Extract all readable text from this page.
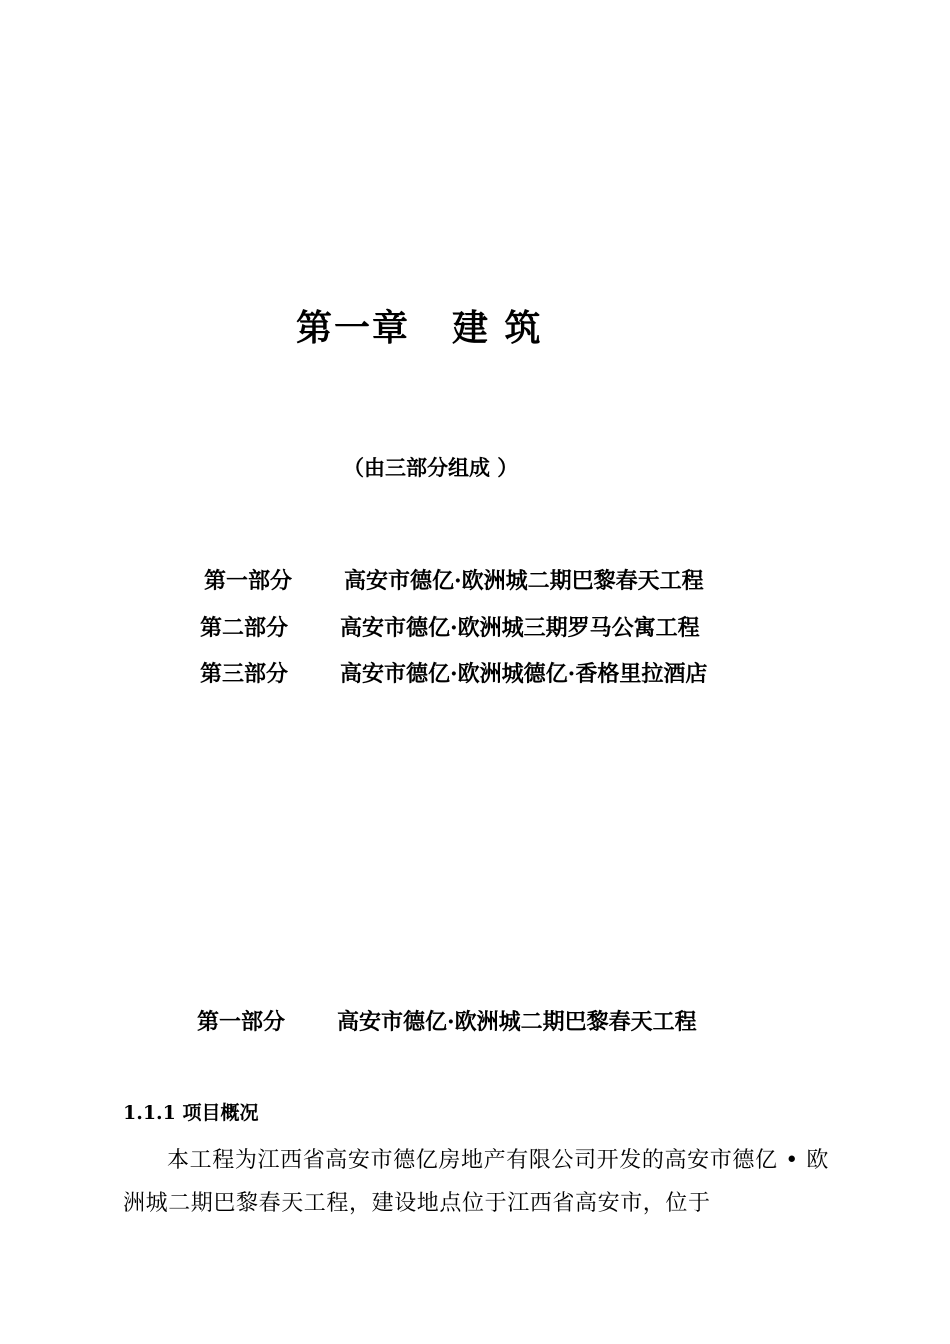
第一章 建 筑
（由三部分组成 ）
第一部分 高安市德亿·欧洲城二期巴黎春天工程
第二部分 高安市德亿·欧洲城三期罗马公寓工程
第三部分 高安市德亿·欧洲城德亿·香格里拉酒店
第一部分 高安市德亿·欧洲城二期巴黎春天工程
1.1.1 项目概况

本工程为江西省高安市德亿房地产有限公司开发的高安市德亿 • 欧洲城二期巴黎春天工程，建设地点位于江西省高安市，位于
